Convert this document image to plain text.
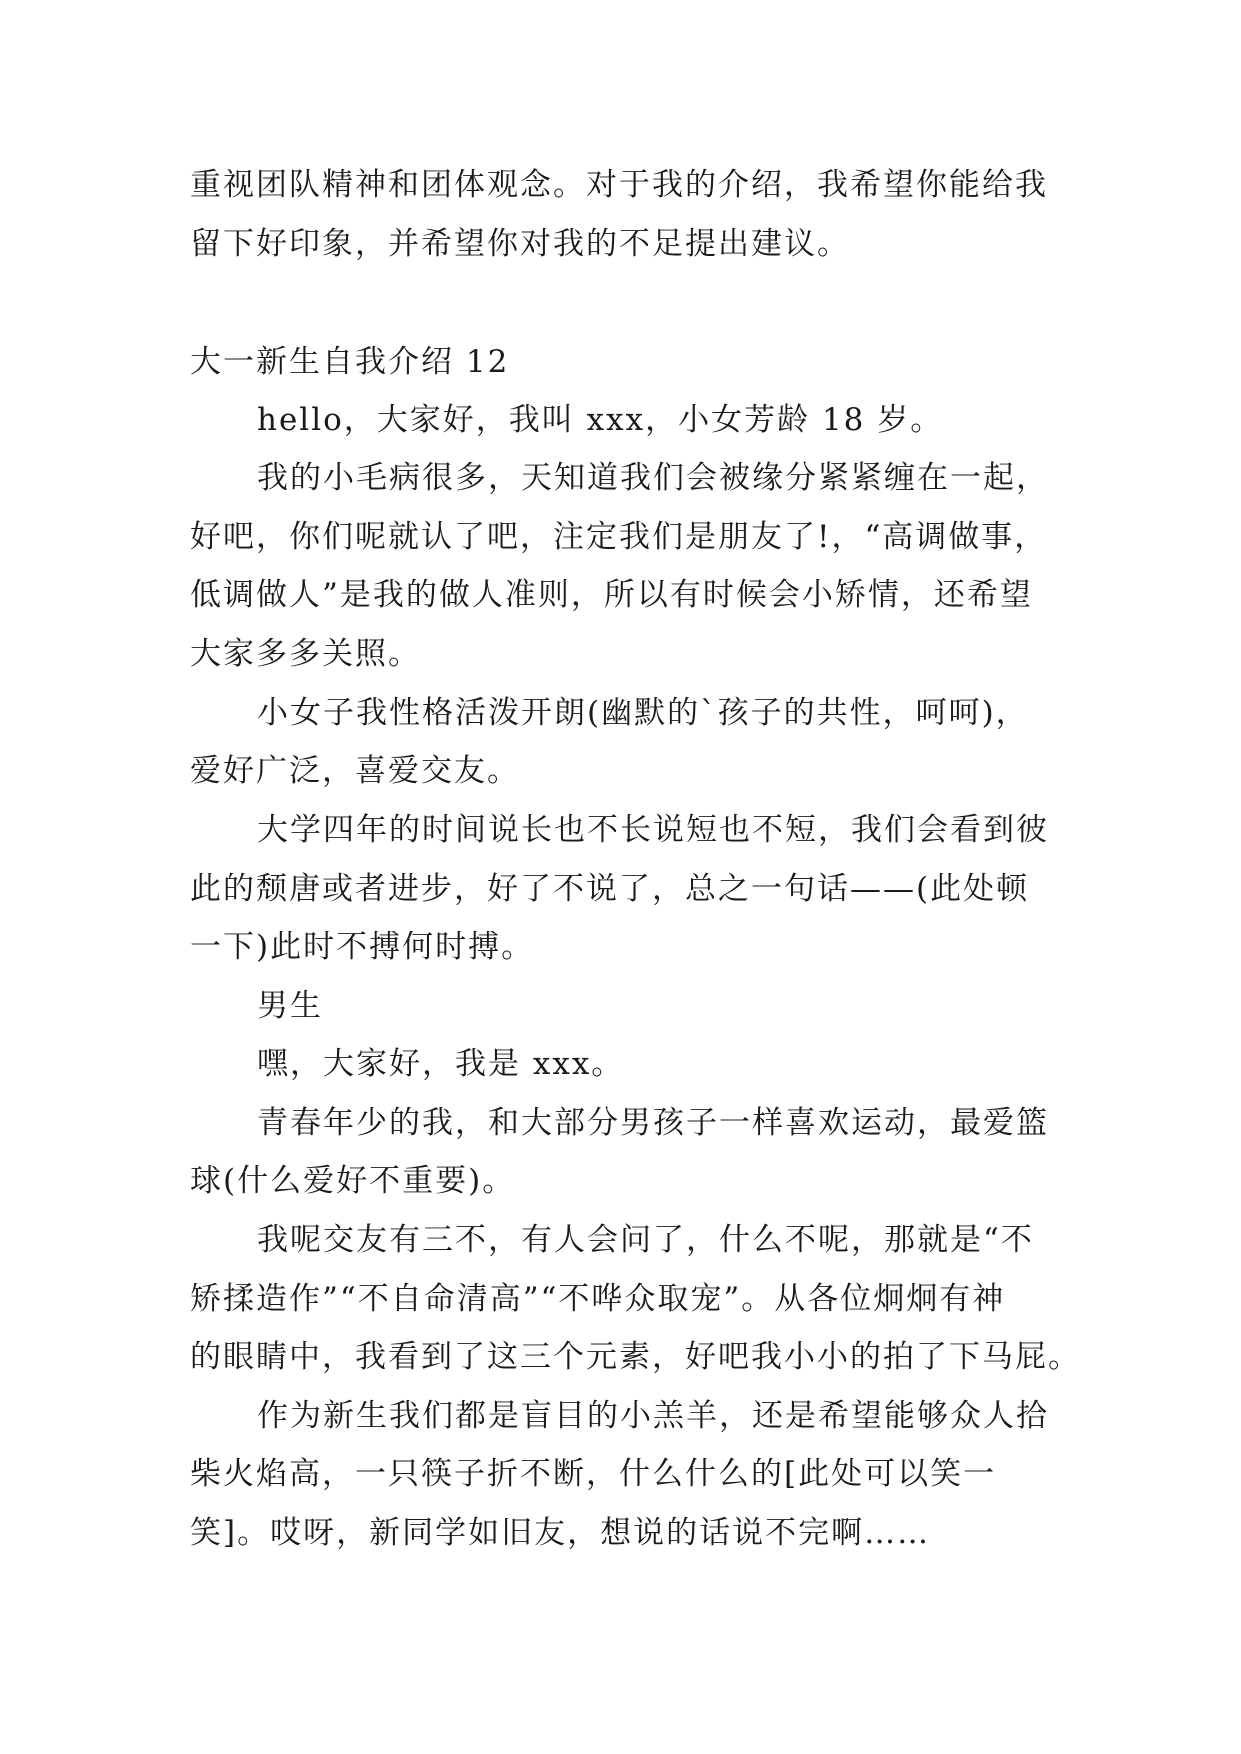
重视团队精神和团体观念。对于我的介绍，我希望你能给我
留下好印象，并希望你对我的不足提出建议。
大一新生自我介绍 12
hello，大家好，我叫 xxx，小女芳龄 18 岁。
我的小毛病很多，天知道我们会被缘分紧紧缠在一起，
好吧，你们呢就认了吧，注定我们是朋友了!，“高调做事，
低调做人”是我的做人准则，所以有时候会小矫情，还希望
大家多多关照。
小女子我性格活泼开朗(幽默的`孩子的共性，呵呵)，
爱好广泛，喜爱交友。
大学四年的时间说长也不长说短也不短，我们会看到彼
此的颓唐或者进步，好了不说了，总之一句话——(此处顿
一下)此时不搏何时搏。
男生
嘿，大家好，我是 xxx。
青春年少的我，和大部分男孩子一样喜欢运动，最爱篮
球(什么爱好不重要)。
我呢交友有三不，有人会问了，什么不呢，那就是“不
矫揉造作”“不自命清高”“不哗众取宠”。从各位炯炯有神
的眼睛中，我看到了这三个元素，好吧我小小的拍了下马屁。
作为新生我们都是盲目的小羔羊，还是希望能够众人拾
柴火焰高，一只筷子折不断，什么什么的[此处可以笑一
笑]。哎呀，新同学如旧友，想说的话说不完啊……
